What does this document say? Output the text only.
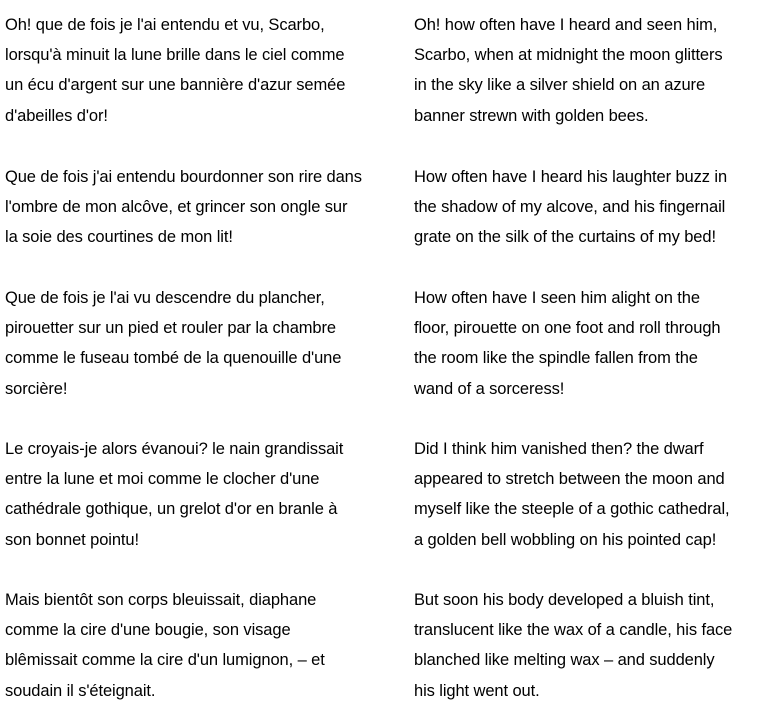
Oh! que de fois je l'ai entendu et vu, Scarbo,
lorsqu'à minuit la lune brille dans le ciel comme
un écu d'argent sur une bannière d'azur semée
d'abeilles d'or!
Oh! how often have I heard and seen him,
Scarbo, when at midnight the moon glitters
in the sky like a silver shield on an azure
banner strewn with golden bees.
Que de fois j'ai entendu bourdonner son rire dans
l'ombre de mon alcôve, et grincer son ongle sur
la soie des courtines de mon lit!
How often have I heard his laughter buzz in
the shadow of my alcove, and his fingernail
grate on the silk of the curtains of my bed!
Que de fois je l'ai vu descendre du plancher,
pirouetter sur un pied et rouler par la chambre
comme le fuseau tombé de la quenouille d'une
sorcière!
How often have I seen him alight on the
floor, pirouette on one foot and roll through
the room like the spindle fallen from the
wand of a sorceress!
Le croyais-je alors évanoui? le nain grandissait
entre la lune et moi comme le clocher d'une
cathédrale gothique, un grelot d'or en branle à
son bonnet pointu!
Did I think him vanished then? the dwarf
appeared to stretch between the moon and
myself like the steeple of a gothic cathedral,
a golden bell wobbling on his pointed cap!
Mais bientôt son corps bleuissait, diaphane
comme la cire d'une bougie, son visage
blêmissait comme la cire d'un lumignon, – et
soudain il s'éteignait.
But soon his body developed a bluish tint,
translucent like the wax of a candle, his face
blanched like melting wax – and suddenly
his light went out.
